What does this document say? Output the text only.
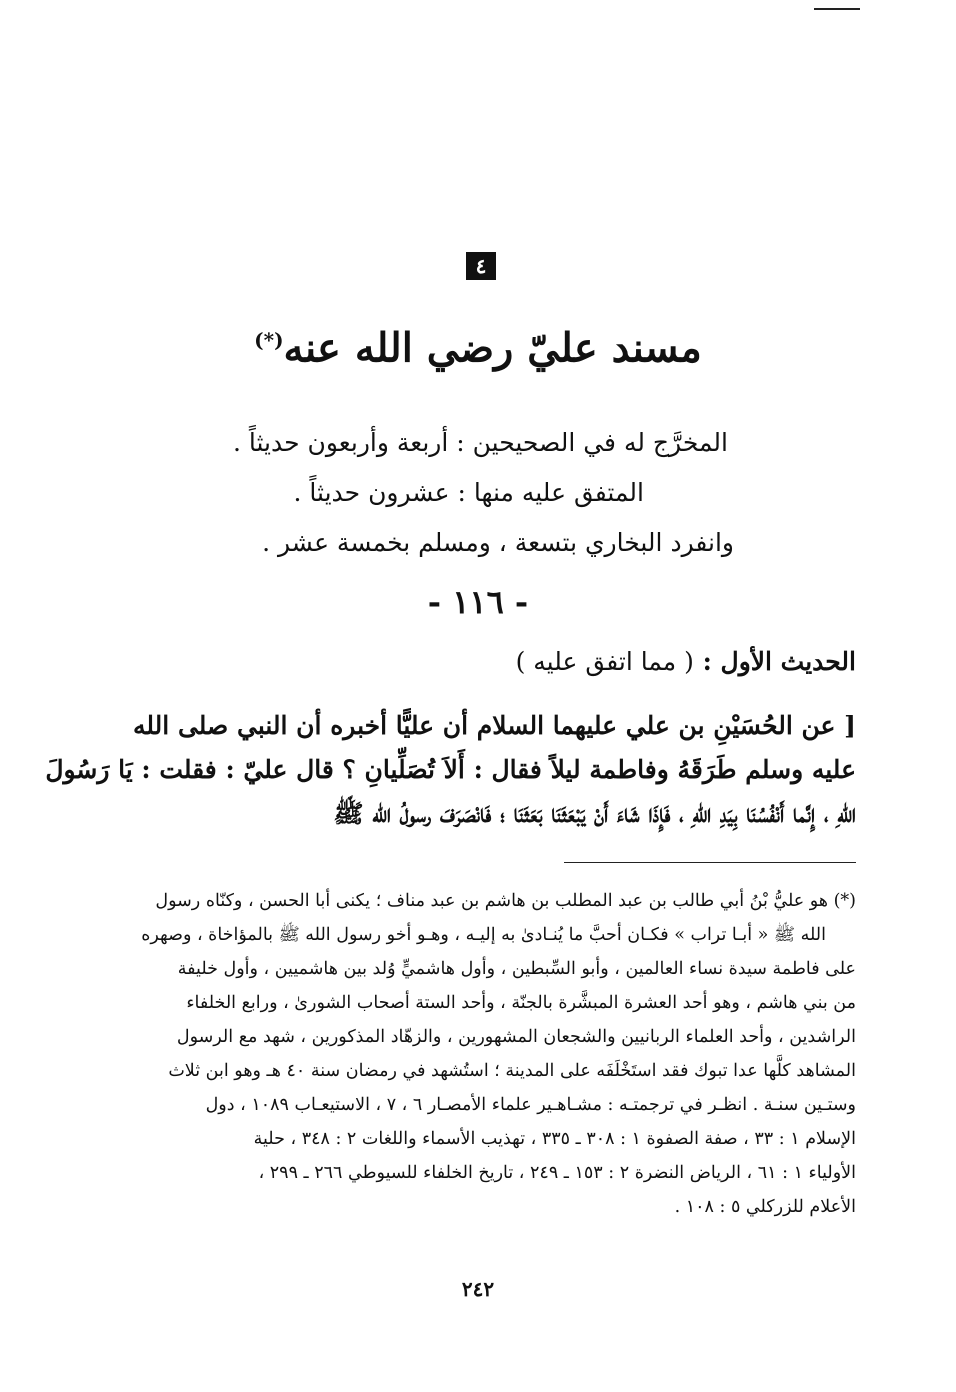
٤
مسند عليّ رضي الله عنه(*)
المخرَّج له في الصحيحين : أربعة وأربعون حديثاً .
المتفق عليه منها : عشرون حديثاً .
وانفرد البخاري بتسعة ، ومسلم بخمسة عشر .
- ١١٦ -
الحديث الأول : ( مما اتفق عليه )
[ عن الحُسَيْنِ بن علي عليهما السلام أن عليًّا أخبره أن النبي صلى الله
عليه وسلم طَرَقَهُ وفاطمة ليلاً فقال : أَلاَ تُصَلِّيانِ ؟ قال عليّ : فقلت : يَا رَسُولَ
اللّهِ ، إِنَّما أَنْفُسُنَا بِيَدِ اللّهِ ، فَإِذَا شَاءَ أَنْ يَبْعَثَنَا بَعَثَنَا ؛ فَانْصَرَفَ رسولُ الله ﷺ
(*) هو عليُّ بْنُ أبي طالب بن عبد المطلب بن هاشم بن عبد مناف ؛ يكنى أبا الحسن ، وكنّاه رسول
الله ﷺ « أبـا تراب » فكـان أحبَّ ما يُنـادىٰ به إليـه ، وهـو أخو رسول الله ﷺ بالمؤاخاة ، وصهره
على فاطمة سيدة نساء العالمين ، وأبو السِّبطين ، وأول هاشميٍّ وُلد بين هاشميين ، وأول خليفة
من بني هاشم ، وهو أحد العشرة المبشَّرة بالجنّة ، وأحد الستة أصحاب الشورىٰ ، ورابع الخلفاء
الراشدين ، وأحد العلماء الربانيين والشجعان المشهورين ، والزهّاد المذكورين ، شهد مع الرسول
المشاهد كلَّها عدا تبوك فقد استَخْلَفَه على المدينة ؛ استُشهد في رمضان سنة ٤٠ هـ وهو ابن ثلاث
وستـين سنـة . انظـر في ترجمتـه : مشـاهـير علماء الأمصـار ٦ ، ٧ ، الاستيعـاب ١٠٨٩ ، دول
الإسلام ١ : ٣٣ ، صفة الصفوة ١ : ٣٠٨ ـ ٣٣٥ ، تهذيب الأسماء واللغات ٢ : ٣٤٨ ، حلية
الأولياء ١ : ٦١ ، الرياض النضرة ٢ : ١٥٣ ـ ٢٤٩ ، تاريخ الخلفاء للسيوطي ٢٦٦ ـ ٢٩٩ ،
الأعلام للزركلي ٥ : ١٠٨ .
٢٤٢
